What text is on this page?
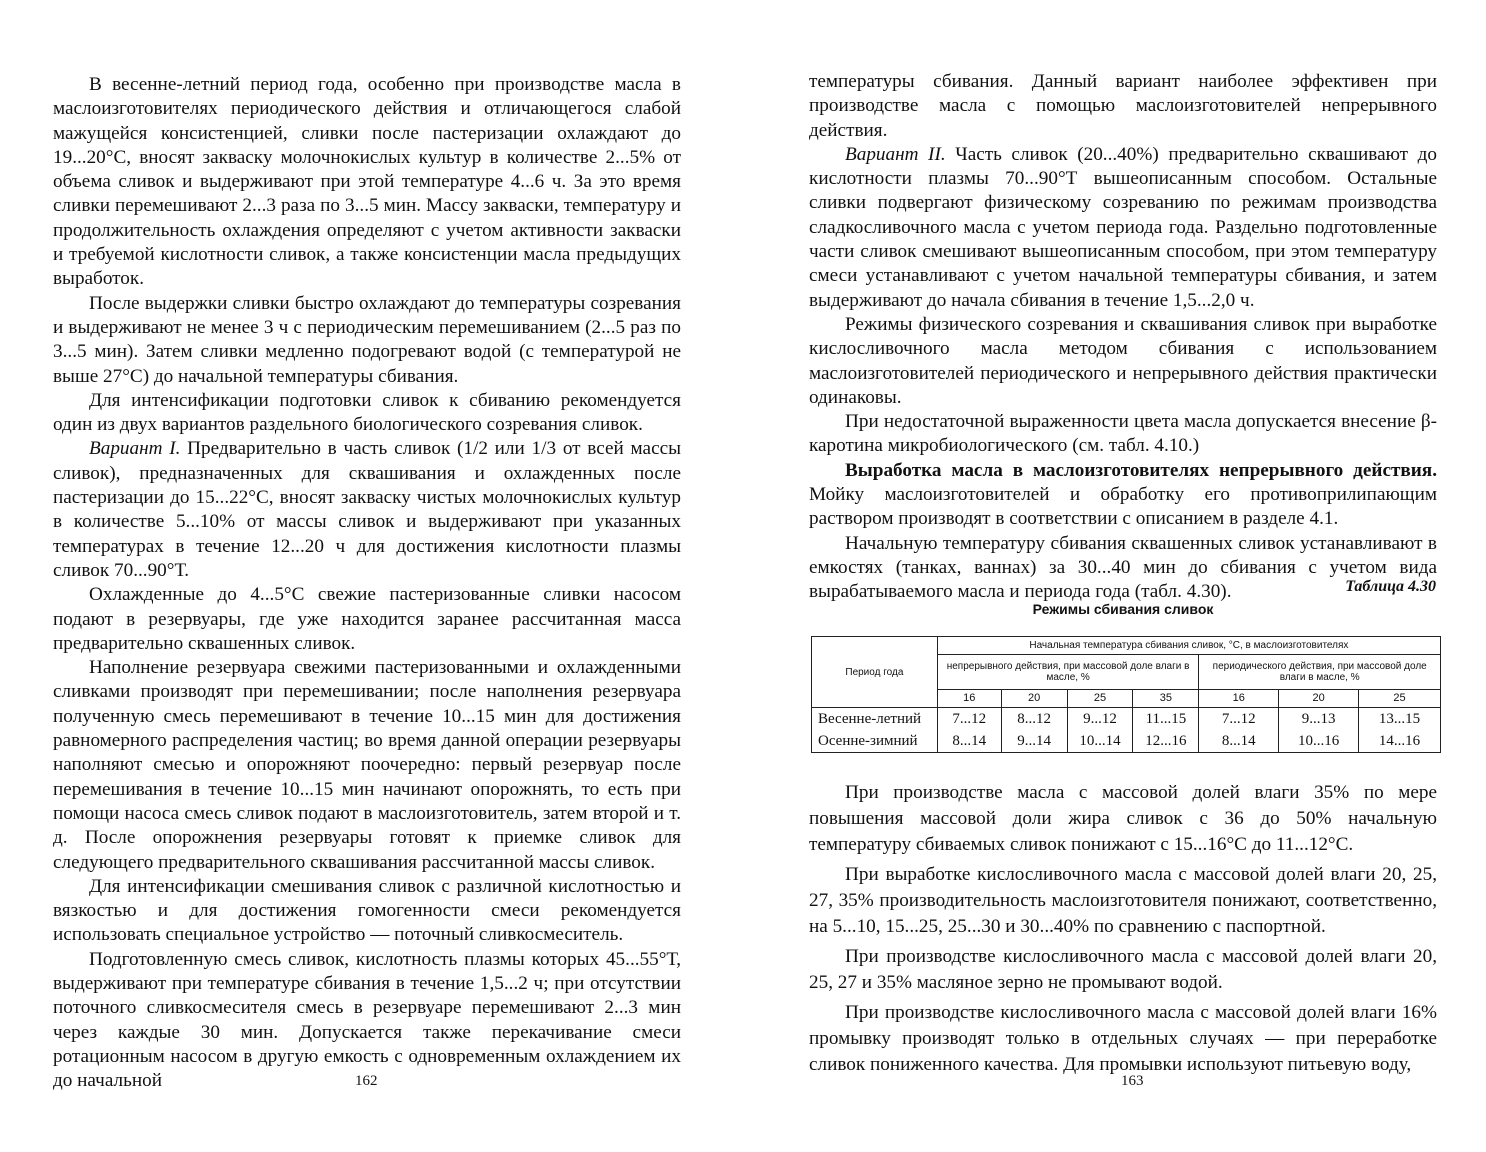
В весенне-летний период года, особенно при производстве масла в маслоизготовителях периодического действия и отличающегося слабой мажущейся консистенцией, сливки после пастеризации охлаждают до 19...20°С, вносят закваску молочнокислых культур в количестве 2...5% от объема сливок и выдерживают при этой температуре 4...6 ч. За это время сливки перемешивают 2...3 раза по 3...5 мин. Массу закваски, температуру и продолжительность охлаждения определяют с учетом активности закваски и требуемой кислотности сливок, а также консистенции масла предыдущих выработок.

После выдержки сливки быстро охлаждают до температуры созревания и выдерживают не менее 3 ч с периодическим перемешиванием (2...5 раз по 3...5 мин). Затем сливки медленно подогревают водой (с температурой не выше 27°С) до начальной температуры сбивания.

Для интенсификации подготовки сливок к сбиванию рекомендуется один из двух вариантов раздельного биологического созревания сливок.

Вариант I. Предварительно в часть сливок (1/2 или 1/3 от всей массы сливок), предназначенных для сквашивания и охлажденных после пастеризации до 15...22°С, вносят закваску чистых молочнокислых культур в количестве 5...10% от массы сливок и выдерживают при указанных температурах в течение 12...20 ч для достижения кислотности плазмы сливок 70...90°Т.

Охлажденные до 4...5°С свежие пастеризованные сливки насосом подают в резервуары, где уже находится заранее рассчитанная масса предварительно сквашенных сливок.

Наполнение резервуара свежими пастеризованными и охлажденными сливками производят при перемешивании; после наполнения резервуара полученную смесь перемешивают в течение 10...15 мин для достижения равномерного распределения частиц; во время данной операции резервуары наполняют смесью и опорожняют поочередно: первый резервуар после перемешивания в течение 10...15 мин начинают опорожнять, то есть при помощи насоса смесь сливок подают в маслоизготовитель, затем второй и т. д. После опорожнения резервуары готовят к приемке сливок для следующего предварительного сквашивания рассчитанной массы сливок.

Для интенсификации смешивания сливок с различной кислотностью и вязкостью и для достижения гомогенности смеси рекомендуется использовать специальное устройство — поточный сливкосмеситель.

Подготовленную смесь сливок, кислотность плазмы которых 45...55°Т, выдерживают при температуре сбивания в течение 1,5...2 ч; при отсутствии поточного сливкосмесителя смесь в резервуаре перемешивают 2...3 мин через каждые 30 мин. Допускается также перекачивание смеси ротационным насосом в другую емкость с одновременным охлаждением их до начальной	162

температуры сбивания. Данный вариант наиболее эффективен при производстве масла с помощью маслоизготовителей непрерывного действия.

Вариант II. Часть сливок (20...40%) предварительно сквашивают до кислотности плазмы 70...90°Т вышеописанным способом. Остальные сливки подвергают физическому созреванию по режимам производства сладкосливочного масла с учетом периода года. Раздельно подготовленные части сливок смешивают вышеописанным способом, при этом температуру смеси устанавливают с учетом начальной температуры сбивания, и затем выдерживают до начала сбивания в течение 1,5...2,0 ч.

Режимы физического созревания и сквашивания сливок при выработке кислосливочного масла методом сбивания с использованием маслоизготовителей периодического и непрерывного действия практически одинаковы.

При недостаточной выраженности цвета масла допускается внесение β-каротина микробиологического (см. табл. 4.10.)

Выработка масла в маслоизготовителях непрерывного действия. Мойку маслоизготовителей и обработку его противоприлипающим раствором производят в соответствии с описанием в разделе 4.1.

Начальную температуру сбивания сквашенных сливок устанавливают в емкостях (танках, ваннах) за 30...40 мин до сбивания с учетом вида вырабатываемого масла и периода года (табл. 4.30).	Таблица 4.30
Режимы сбивания сливок
Период года	Начальная температура сбивания сливок, °С, в маслоизготовителях						
	непрерывного действия, при массовой доле влаги в масле, %				периодического действия, при массовой доле влаги в масле, %		
	16	20	25	35	16	20	25
Весенне-летний	7...12	8...12	9...12	11...15	7...12	9...13	13...15
Осенне-зимний	8...14	9...14	10...14	12...16	8...14	10...16	14...16

При производстве масла с массовой долей влаги 35% по мере повышения массовой доли жира сливок с 36 до 50% начальную температуру сбиваемых сливок понижают с 15...16°С до 11...12°С.

При выработке кислосливочного масла с массовой долей влаги 20, 25, 27, 35% производительность маслоизготовителя понижают, соответственно, на 5...10, 15...25, 25...30 и 30...40% по сравнению с паспортной.

При производстве кислосливочного масла с массовой долей влаги 20, 25, 27 и 35% масляное зерно не промывают водой.

При производстве кислосливочного масла с массовой долей влаги 16% промывку производят только в отдельных случаях — при переработке сливок пониженного качества. Для промывки используют питьевую воду,

163
